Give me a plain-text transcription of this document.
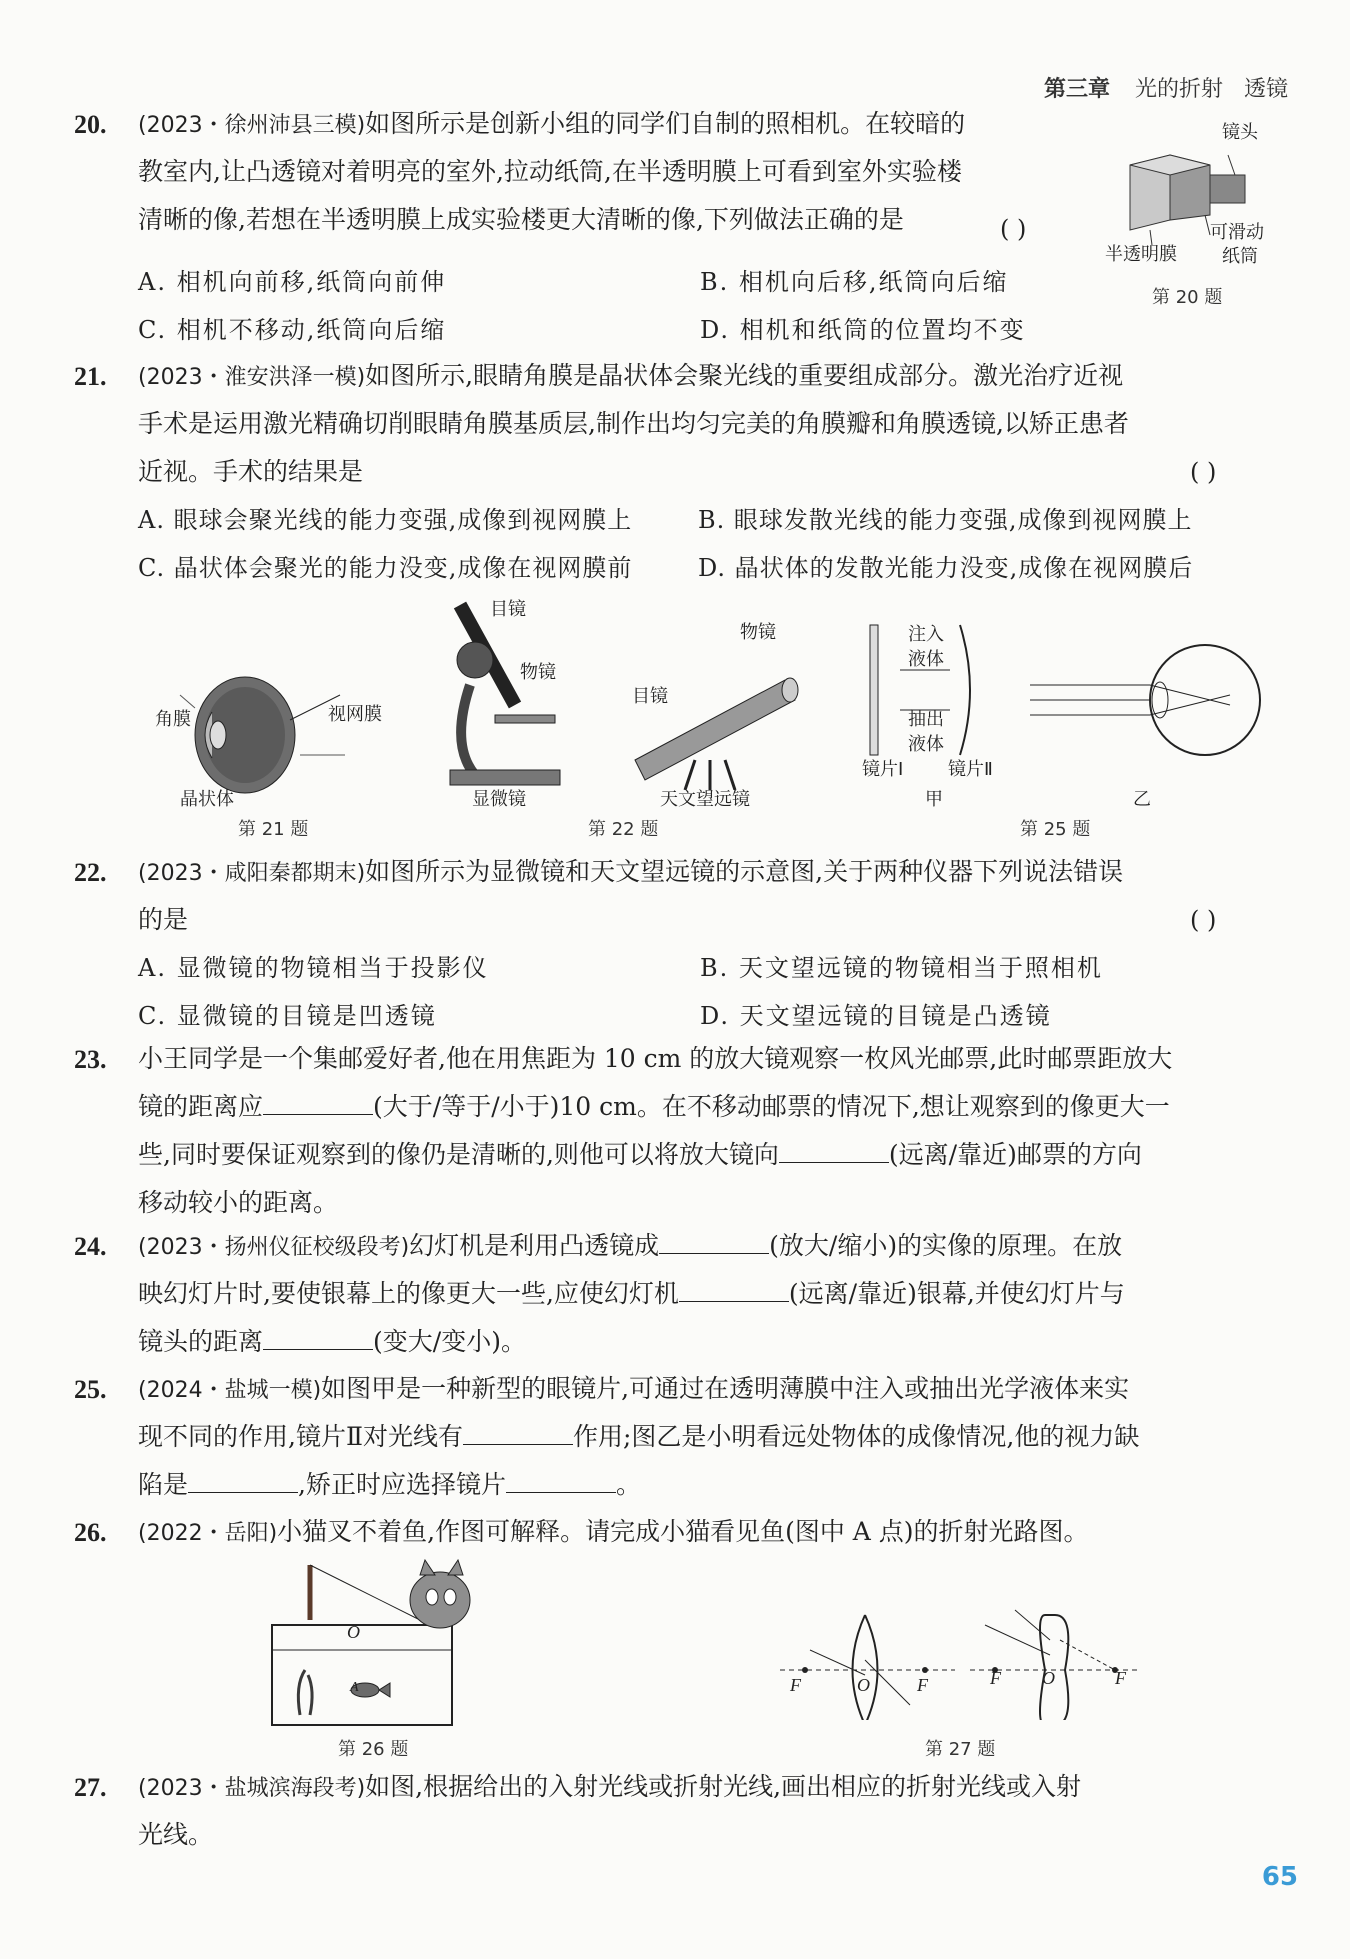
第三章 光的折射 透镜
20. (2023・徐州沛县三模)如图所示是创新小组的同学们自制的照相机。在较暗的
教室内,让凸透镜对着明亮的室外,拉动纸筒,在半透明膜上可看到室外实验楼
清晰的像,若想在半透明膜上成实验楼更大清晰的像,下列做法正确的是	( )
A. 相机向前移,纸筒向前伸	B. 相机向后移,纸筒向后缩
C. 相机不移动,纸筒向后缩	D. 相机和纸筒的位置均不变
镜头
半透明膜
可滑动
纸筒
第 20 题
21. (2023・淮安洪泽一模)如图所示,眼睛角膜是晶状体会聚光线的重要组成部分。激光治疗近视
手术是运用激光精确切削眼睛角膜基质层,制作出均匀完美的角膜瓣和角膜透镜,以矫正患者
近视。手术的结果是	( )
A. 眼球会聚光线的能力变强,成像到视网膜上	B. 眼球发散光线的能力变强,成像到视网膜上
C. 晶状体会聚光的能力没变,成像在视网膜前	D. 晶状体的发散光能力没变,成像在视网膜后
角膜	视网膜
晶状体
第 21 题
目镜
物镜
显微镜
物镜
目镜
天文望远镜
第 22 题
注入
液体
抽出
液体
镜片Ⅰ 镜片Ⅱ
甲	乙
第 25 题
22. (2023・咸阳秦都期末)如图所示为显微镜和天文望远镜的示意图,关于两种仪器下列说法错误
的是	( )
A. 显微镜的物镜相当于投影仪	B. 天文望远镜的物镜相当于照相机
C. 显微镜的目镜是凹透镜	D. 天文望远镜的目镜是凸透镜
23. 小王同学是一个集邮爱好者,他在用焦距为 10 cm 的放大镜观察一枚风光邮票,此时邮票距放大
镜的距离应	(大于/等于/小于)10 cm。在不移动邮票的情况下,想让观察到的像更大一
些,同时要保证观察到的像仍是清晰的,则他可以将放大镜向	(远离/靠近)邮票的方向
移动较小的距离。
24. (2023・扬州仪征校级段考)幻灯机是利用凸透镜成	(放大/缩小)的实像的原理。在放
映幻灯片时,要使银幕上的像更大一些,应使幻灯机	(远离/靠近)银幕,并使幻灯片与
镜头的距离	(变大/变小)。
25. (2024・盐城一模)如图甲是一种新型的眼镜片,可通过在透明薄膜中注入或抽出光学液体来实
现不同的作用,镜片Ⅱ对光线有	作用;图乙是小明看远处物体的成像情况,他的视力缺
陷是	,矫正时应选择镜片	。
26. (2022・岳阳)小猫叉不着鱼,作图可解释。请完成小猫看见鱼(图中 A 点)的折射光路图。
O
A
第 26 题
F	O	F	F O	F
第 27 题
27. (2023・盐城滨海段考)如图,根据给出的入射光线或折射光线,画出相应的折射光线或入射
光线。
65
